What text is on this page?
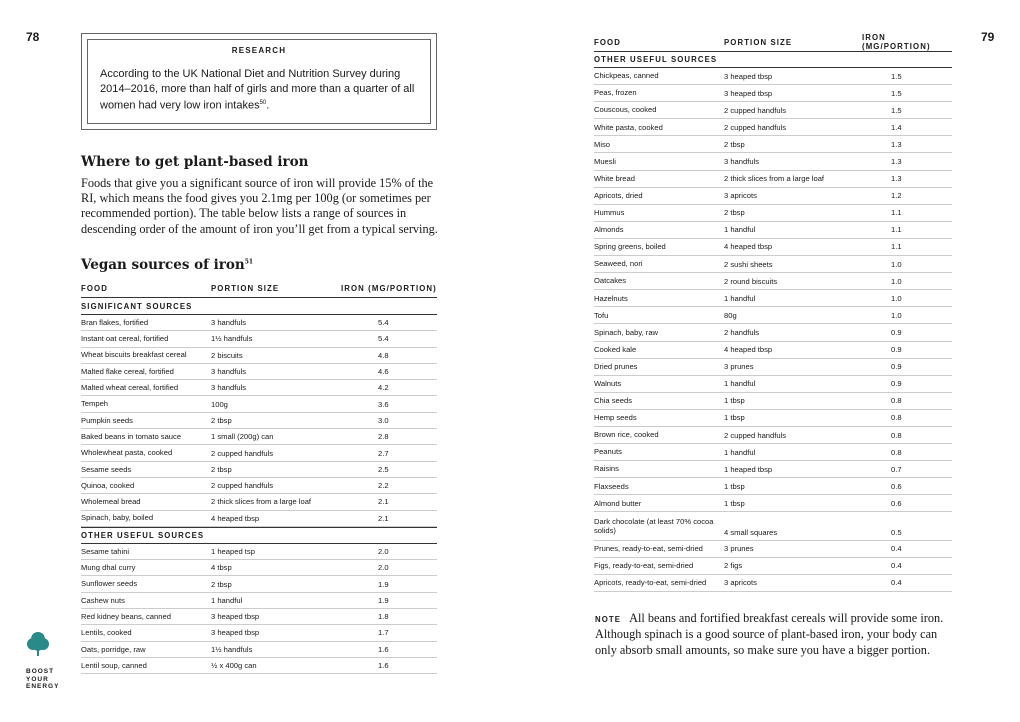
78	79
RESEARCH
According to the UK National Diet and Nutrition Survey during 2014–2016, more than half of girls and more than a quarter of all women had very low iron intakes$^{50}$.
Where to get plant-based iron
Foods that give you a significant source of iron will provide 15% of the RI, which means the food gives you 2.1mg per 100g (or sometimes per recommended portion). The table below lists a range of sources in descending order of the amount of iron you’ll get from a typical serving.
Vegan sources of iron$^{51}$
FOOD	PORTION SIZE	IRON (MG/PORTION)
SIGNIFICANT SOURCES
Bran flakes, fortified	3 handfuls	5.4
Instant oat cereal, fortified	1½ handfuls	5.4
Wheat biscuits breakfast cereal	2 biscuits	4.8
Malted flake cereal, fortified	3 handfuls	4.6
Malted wheat cereal, fortified	3 handfuls	4.2
Tempeh	100g	3.6
Pumpkin seeds	2 tbsp	3.0
Baked beans in tomato sauce	1 small (200g) can	2.8
Wholewheat pasta, cooked	2 cupped handfuls	2.7
Sesame seeds	2 tbsp	2.5
Quinoa, cooked	2 cupped handfuls	2.2
Wholemeal bread	2 thick slices from a large loaf	2.1
Spinach, baby, boiled	4 heaped tbsp	2.1
OTHER USEFUL SOURCES
Sesame tahini	1 heaped tsp	2.0
Mung dhal curry	4 tbsp	2.0
Sunflower seeds	2 tbsp	1.9
Cashew nuts	1 handful	1.9
Red kidney beans, canned	3 heaped tbsp	1.8
Lentils, cooked	3 heaped tbsp	1.7
Oats, porridge, raw	1½ handfuls	1.6
Lentil soup, canned	½ x 400g can	1.6
FOOD	PORTION SIZE	IRON (MG/PORTION)
OTHER USEFUL SOURCES
Chickpeas, canned	3 heaped tbsp	1.5
Peas, frozen	3 heaped tbsp	1.5
Couscous, cooked	2 cupped handfuls	1.5
White pasta, cooked	2 cupped handfuls	1.4
Miso	2 tbsp	1.3
Muesli	3 handfuls	1.3
White bread	2 thick slices from a large loaf	1.3
Apricots, dried	3 apricots	1.2
Hummus	2 tbsp	1.1
Almonds	1 handful	1.1
Spring greens, boiled	4 heaped tbsp	1.1
Seaweed, nori	2 sushi sheets	1.0
Oatcakes	2 round biscuits	1.0
Hazelnuts	1 handful	1.0
Tofu	80g	1.0
Spinach, baby, raw	2 handfuls	0.9
Cooked kale	4 heaped tbsp	0.9
Dried prunes	3 prunes	0.9
Walnuts	1 handful	0.9
Chia seeds	1 tbsp	0.8
Hemp seeds	1 tbsp	0.8
Brown rice, cooked	2 cupped handfuls	0.8
Peanuts	1 handful	0.8
Raisins	1 heaped tbsp	0.7
Flaxseeds	1 tbsp	0.6
Almond butter	1 tbsp	0.6
Dark chocolate (at least 70% cocoa solids)	4 small squares	0.5
Prunes, ready-to-eat, semi-dried	3 prunes	0.4
Figs, ready-to-eat, semi-dried	2 figs	0.4
Apricots, ready-to-eat, semi-dried	3 apricots	0.4
BOOST
YOUR
ENERGY
NOTE All beans and fortified breakfast cereals will provide some iron. Although spinach is a good source of plant-based iron, your body can only absorb small amounts, so make sure you have a bigger portion.
